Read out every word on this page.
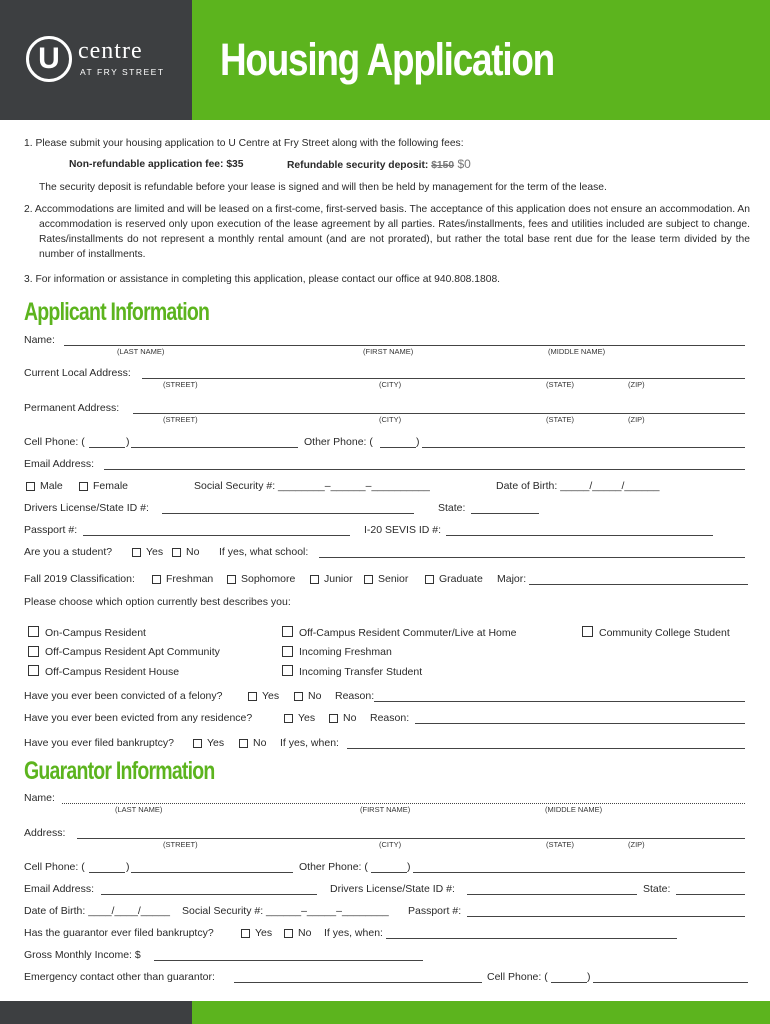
U centre
AT FRY STREET Housing Application
1. Please submit your housing application to U Centre at Fry Street along with the following fees:
Non-refundable application fee: $35	Refundable security deposit: $150 $0
The security deposit is refundable before your lease is signed and will then be held by management for the term of the lease.
2. Accommodations are limited and will be leased on a first-come, first-served basis. The acceptance of this application does not ensure an accommodation. An accommodation is reserved only upon execution of the lease agreement by all parties. Rates/installments, fees and utilities included are subject to change. Rates/installments do not represent a monthly rental amount (and are not prorated), but rather the total base rent due for the lease term divided by the number of installments.
3. For information or assistance in completing this application, please contact our office at 940.808.1808.
Applicant Information
Name:
(LAST NAME)	(FIRST NAME)	(MIDDLE NAME)
Current Local Address:
(STREET)	(CITY)	(STATE)	(ZIP)
Permanent Address:
(STREET)	(CITY)	(STATE)	(ZIP)
Cell Phone: (	)	Other Phone: (	)
Email Address:
Male	Female	Social Security #: ________–______–__________	Date of Birth: _____/_____/______
Drivers License/State ID #:	State:
Passport #:	I-20 SEVIS ID #:
Are you a student?	Yes No If yes, what school:
Fall 2019 Classification:	Freshman	Sophomore	Junior Senior	Graduate Major:
Please choose which option currently best describes you:
On-Campus Resident
Off-Campus Resident Apt Community
Off-Campus Resident House
Off-Campus Resident Commuter/Live at Home
Incoming Freshman
Incoming Transfer Student
Community College Student
Have you ever been convicted of a felony?	Yes	No Reason:
Have you ever been evicted from any residence?	Yes	No Reason:
Have you ever filed bankruptcy?	Yes	No If yes, when:
Guarantor Information
Name:
(LAST NAME)	(FIRST NAME)	(MIDDLE NAME)
Address:
(STREET)	(CITY)	(STATE)	(ZIP)
Cell Phone: (	)	Other Phone: (	)
Email Address:	Drivers License/State ID #:	State:
Date of Birth: ____/____/_____ Social Security #: ______–_____–________ Passport #:
Has the guarantor ever filed bankruptcy?	Yes No If yes, when:
Gross Monthly Income: $
Emergency contact other than guarantor:	Cell Phone: (	)
